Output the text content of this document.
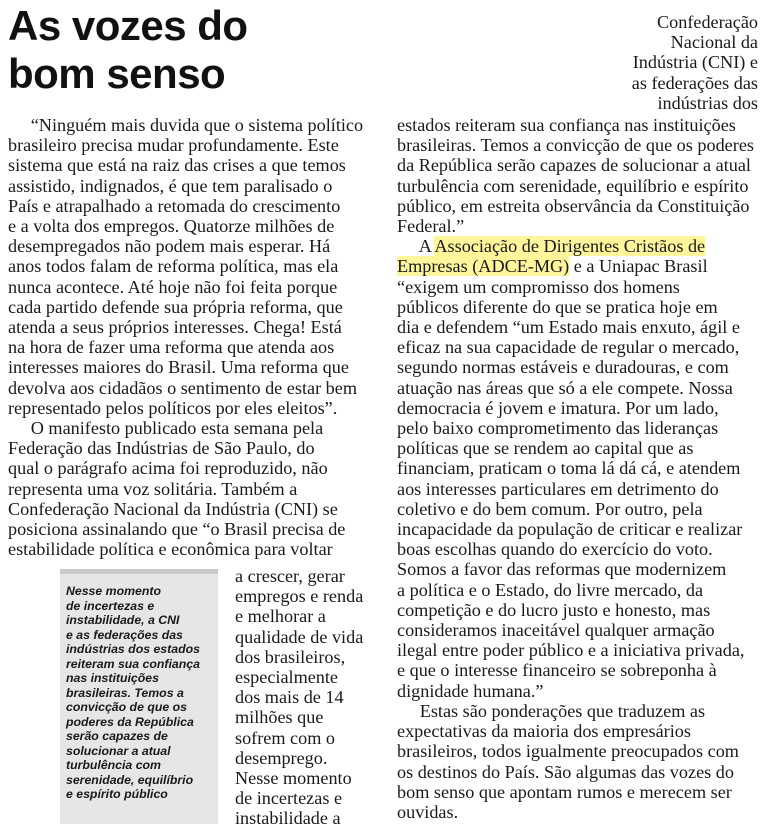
As vozes do
bom senso
Confederação
Nacional da
Indústria (CNI) e
as federações das
indústrias dos
“Ninguém mais duvida que o sistema político
brasileiro precisa mudar profundamente. Este
sistema que está na raiz das crises a que temos
assistido, indignados, é que tem paralisado o
País e atrapalhado a retomada do crescimento
e a volta dos empregos. Quatorze milhões de
desempregados não podem mais esperar. Há
anos todos falam de reforma política, mas ela
nunca acontece. Até hoje não foi feita porque
cada partido defende sua própria reforma, que
atenda a seus próprios interesses. Chega! Está
na hora de fazer uma reforma que atenda aos
interesses maiores do Brasil. Uma reforma que
devolva aos cidadãos o sentimento de estar bem
representado pelos políticos por eles eleitos”.
O manifesto publicado esta semana pela
Federação das Indústrias de São Paulo, do
qual o parágrafo acima foi reproduzido, não
representa uma voz solitária. Também a
Confederação Nacional da Indústria (CNI) se
posiciona assinalando que “o Brasil precisa de
estabilidade política e econômica para voltar
Nesse momento
de incertezas e
instabilidade, a CNI
e as federações das
indústrias dos estados
reiteram sua confiança
nas instituições
brasileiras. Temos a
convicção de que os
poderes da República
serão capazes de
solucionar a atual
turbulência com
serenidade, equilíbrio
e espírito público
a crescer, gerar
empregos e renda
e melhorar a
qualidade de vida
dos brasileiros,
especialmente
dos mais de 14
milhões que
sofrem com o
desemprego.
Nesse momento
de incertezas e
instabilidade a
estados reiteram sua confiança nas instituições
brasileiras. Temos a convicção de que os poderes
da República serão capazes de solucionar a atual
turbulência com serenidade, equilíbrio e espírito
público, em estreita observância da Constituição
Federal.”
A Associação de Dirigentes Cristãos de
Empresas (ADCE-MG) e a Uniapac Brasil
“exigem um compromisso dos homens
públicos diferente do que se pratica hoje em
dia e defendem “um Estado mais enxuto, ágil e
eficaz na sua capacidade de regular o mercado,
segundo normas estáveis e duradouras, e com
atuação nas áreas que só a ele compete. Nossa
democracia é jovem e imatura. Por um lado,
pelo baixo comprometimento das lideranças
políticas que se rendem ao capital que as
financiam, praticam o toma lá dá cá, e atendem
aos interesses particulares em detrimento do
coletivo e do bem comum. Por outro, pela
incapacidade da população de criticar e realizar
boas escolhas quando do exercício do voto.
Somos a favor das reformas que modernizem
a política e o Estado, do livre mercado, da
competição e do lucro justo e honesto, mas
consideramos inaceitável qualquer armação
ilegal entre poder público e a iniciativa privada,
e que o interesse financeiro se sobreponha à
dignidade humana.”
Estas são ponderações que traduzem as
expectativas da maioria dos empresários
brasileiros, todos igualmente preocupados com
os destinos do País. São algumas das vozes do
bom senso que apontam rumos e merecem ser
ouvidas.
